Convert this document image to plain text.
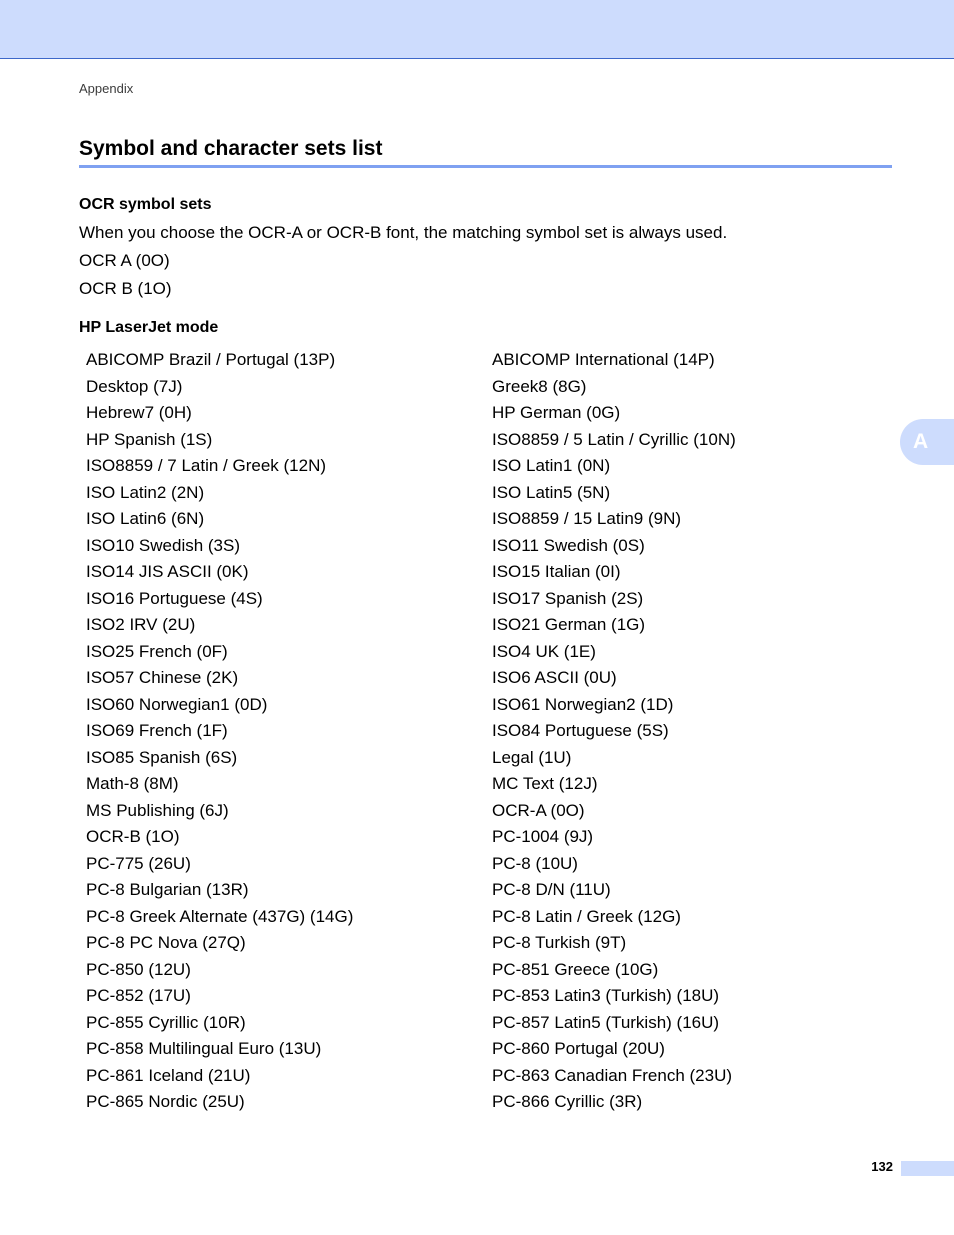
Appendix
Symbol and character sets list
OCR symbol sets

When you choose the OCR-A or OCR-B font, the matching symbol set is always used.

OCR A (0O)

OCR B (1O)

HP LaserJet mode
ABICOMP Brazil / Portugal (13P)	ABICOMP International (14P)
Desktop (7J)	Greek8 (8G)
Hebrew7 (0H)	HP German (0G)
HP Spanish (1S)	ISO8859 / 5 Latin / Cyrillic (10N)
ISO8859 / 7 Latin / Greek (12N)	ISO Latin1 (0N)
ISO Latin2 (2N)	ISO Latin5 (5N)
ISO Latin6 (6N)	ISO8859 / 15 Latin9 (9N)
ISO10 Swedish (3S)	ISO11 Swedish (0S)
ISO14 JIS ASCII (0K)	ISO15 Italian (0I)
ISO16 Portuguese (4S)	ISO17 Spanish (2S)
ISO2 IRV (2U)	ISO21 German (1G)
ISO25 French (0F)	ISO4 UK (1E)
ISO57 Chinese (2K)	ISO6 ASCII (0U)
ISO60 Norwegian1 (0D)	ISO61 Norwegian2 (1D)
ISO69 French (1F)	ISO84 Portuguese (5S)
ISO85 Spanish (6S)	Legal (1U)
Math-8 (8M)	MC Text (12J)
MS Publishing (6J)	OCR-A (0O)
OCR-B (1O)	PC-1004 (9J)
PC-775 (26U)	PC-8 (10U)
PC-8 Bulgarian (13R)	PC-8 D/N (11U)
PC-8 Greek Alternate (437G) (14G)	PC-8 Latin / Greek (12G)
PC-8 PC Nova (27Q)	PC-8 Turkish (9T)
PC-850 (12U)	PC-851 Greece (10G)
PC-852 (17U)	PC-853 Latin3 (Turkish) (18U)
PC-855 Cyrillic (10R)	PC-857 Latin5 (Turkish) (16U)
PC-858 Multilingual Euro (13U)	PC-860 Portugal (20U)
PC-861 Iceland (21U)	PC-863 Canadian French (23U)
PC-865 Nordic (25U)	PC-866 Cyrillic (3R)
A
132
